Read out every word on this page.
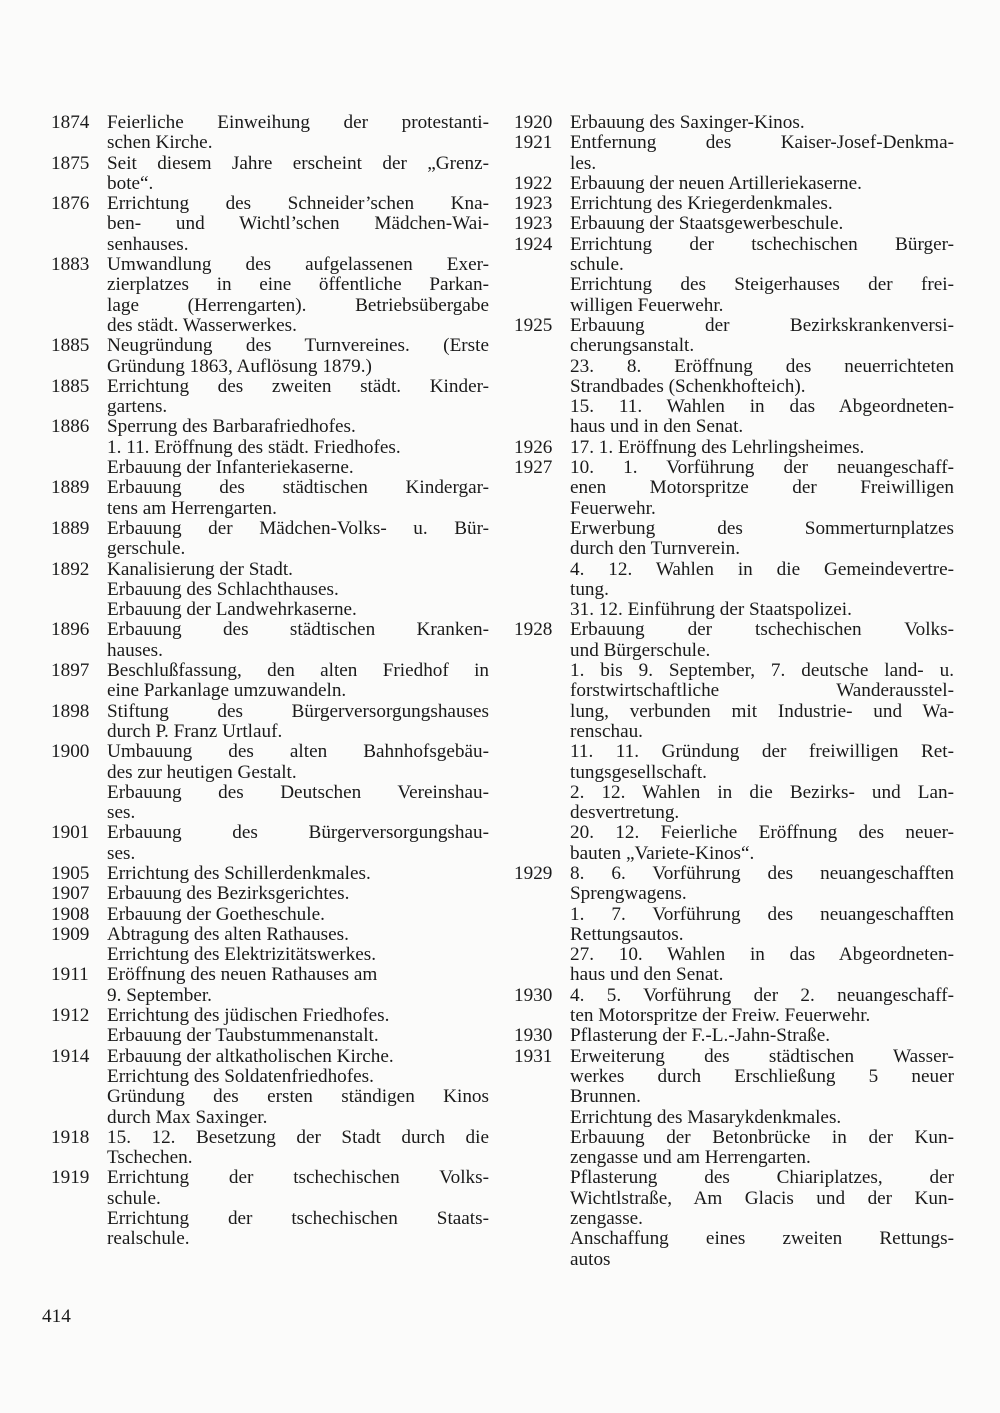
1874 Feierliche Einweihung der protestanti-
schen Kirche.
1875 Seit diesem Jahre erscheint der „Grenz-
bote“.
1876 Errichtung des Schneider’schen Kna-
ben- und Wichtl’schen Mädchen-Wai-
senhauses.
1883 Umwandlung des aufgelassenen Exer-
zierplatzes in eine öffentliche Parkan-
lage (Herrengarten). Betriebsübergabe
des städt. Wasserwerkes.
1885 Neugründung des Turnvereines. (Erste
Gründung 1863, Auflösung 1879.)
1885 Errichtung des zweiten städt. Kinder-
gartens.
1886 Sperrung des Barbarafriedhofes.
1. 11. Eröffnung des städt. Friedhofes.
Erbauung der Infanteriekaserne.
1889 Erbauung des städtischen Kindergar-
tens am Herrengarten.
1889 Erbauung der Mädchen-Volks- u. Bür-
gerschule.
1892 Kanalisierung der Stadt.
Erbauung des Schlachthauses.
Erbauung der Landwehrkaserne.
1896 Erbauung des städtischen Kranken-
hauses.
1897 Beschlußfassung, den alten Friedhof in
eine Parkanlage umzuwandeln.
1898 Stiftung des Bürgerversorgungshauses
durch P. Franz Urtlauf.
1900 Umbauung des alten Bahnhofsgebäu-
des zur heutigen Gestalt.
Erbauung des Deutschen Vereinshau-
ses.
1901 Erbauung des Bürgerversorgungshau-
ses.
1905 Errichtung des Schillerdenkmales.
1907 Erbauung des Bezirksgerichtes.
1908 Erbauung der Goetheschule.
1909 Abtragung des alten Rathauses.
Errichtung des Elektrizitätswerkes.
1911 Eröffnung des neuen Rathauses am
9. September.
1912 Errichtung des jüdischen Friedhofes.
Erbauung der Taubstummenanstalt.
1914 Erbauung der altkatholischen Kirche.
Errichtung des Soldatenfriedhofes.
Gründung des ersten ständigen Kinos
durch Max Saxinger.
1918 15. 12. Besetzung der Stadt durch die
Tschechen.
1919 Errichtung der tschechischen Volks-
schule.
Errichtung der tschechischen Staats-
realschule.
1920 Erbauung des Saxinger-Kinos.
1921 Entfernung des Kaiser-Josef-Denkma-
les.
1922 Erbauung der neuen Artilleriekaserne.
1923 Errichtung des Kriegerdenkmales.
1923 Erbauung der Staatsgewerbeschule.
1924 Errichtung der tschechischen Bürger-
schule.
Errichtung des Steigerhauses der frei-
willigen Feuerwehr.
1925 Erbauung der Bezirkskrankenversi-
cherungsanstalt.
23. 8. Eröffnung des neuerrichteten
Strandbades (Schenkhofteich).
15. 11. Wahlen in das Abgeordneten-
haus und in den Senat.
1926 17. 1. Eröffnung des Lehrlingsheimes.
1927 10. 1. Vorführung der neuangeschaff-
enen Motorspritze der Freiwilligen
Feuerwehr.
Erwerbung des Sommerturnplatzes
durch den Turnverein.
4. 12. Wahlen in die Gemeindevertre-
tung.
31. 12. Einführung der Staatspolizei.
1928 Erbauung der tschechischen Volks-
und Bürgerschule.
1. bis 9. September, 7. deutsche land- u.
forstwirtschaftliche Wanderausstel-
lung, verbunden mit Industrie- und Wa-
renschau.
11. 11. Gründung der freiwilligen Ret-
tungsgesellschaft.
2. 12. Wahlen in die Bezirks- und Lan-
desvertretung.
20. 12. Feierliche Eröffnung des neuer-
bauten „Variete-Kinos“.
1929 8. 6. Vorführung des neuangeschafften
Sprengwagens.
1. 7. Vorführung des neuangeschafften
Rettungsautos.
27. 10. Wahlen in das Abgeordneten-
haus und den Senat.
1930 4. 5. Vorführung der 2. neuangeschaff-
ten Motorspritze der Freiw. Feuerwehr.
1930 Pflasterung der F.-L.-Jahn-Straße.
1931 Erweiterung des städtischen Wasser-
werkes durch Erschließung 5 neuer
Brunnen.
Errichtung des Masarykdenkmales.
Erbauung der Betonbrücke in der Kun-
zengasse und am Herrengarten.
Pflasterung des Chiariplatzes, der
Wichtlstraße, Am Glacis und der Kun-
zengasse.
Anschaffung eines zweiten Rettungs-
autos
414
